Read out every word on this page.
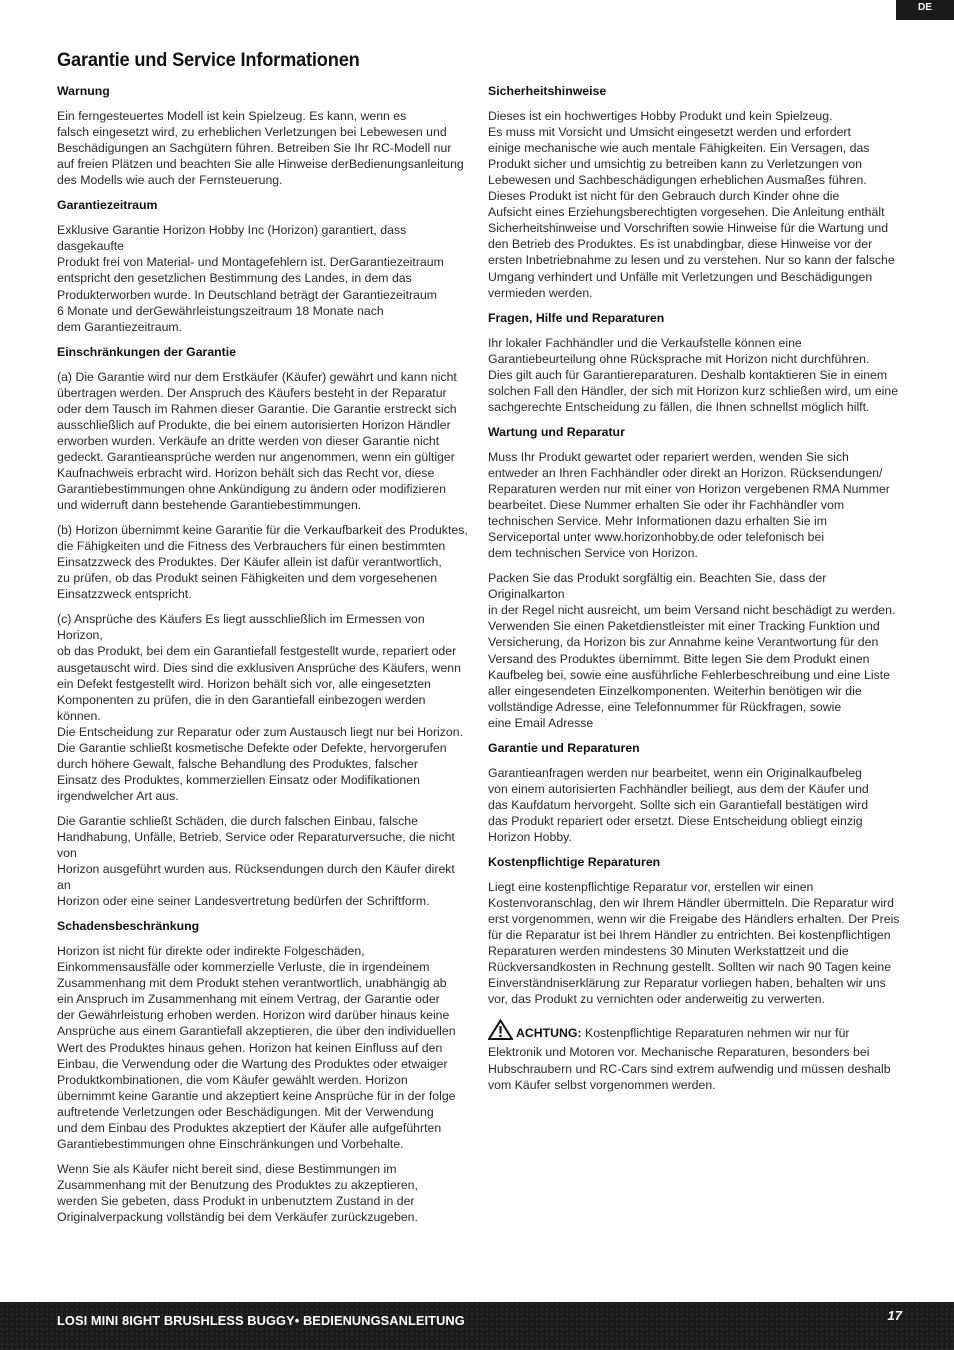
DE
Garantie und Service Informationen
Warnung
Ein ferngesteuertes Modell ist kein Spielzeug. Es kann, wenn es
falsch eingesetzt wird, zu erheblichen Verletzungen bei Lebewesen und
Beschädigungen an Sachgütern führen. Betreiben Sie Ihr RC-Modell nur
auf freien Plätzen und beachten Sie alle Hinweise derBedienungsanleitung
des Modells wie auch der Fernsteuerung.
Garantiezeitraum
Exklusive Garantie Horizon Hobby Inc (Horizon) garantiert, dass dasgekaufte
Produkt frei von Material- und Montagefehlern ist. DerGarantiezeitraum
entspricht den gesetzlichen Bestimmung des Landes, in dem das
Produkterworben wurde. In Deutschland beträgt der Garantiezeitraum
6 Monate und derGewährleistungszeitraum 18 Monate nach
dem Garantiezeitraum.
Einschränkungen der Garantie
(a) Die Garantie wird nur dem Erstkäufer (Käufer) gewährt und kann nicht
übertragen werden. Der Anspruch des Käufers besteht in der Reparatur
oder dem Tausch im Rahmen dieser Garantie. Die Garantie erstreckt sich
ausschließlich auf Produkte, die bei einem autorisierten Horizon Händler
erworben wurden. Verkäufe an dritte werden von dieser Garantie nicht
gedeckt. Garantieansprüche werden nur angenommen, wenn ein gültiger
Kaufnachweis erbracht wird. Horizon behält sich das Recht vor, diese
Garantiebestimmungen ohne Ankündigung zu ändern oder modifizieren
und widerruft dann bestehende Garantiebestimmungen.
(b) Horizon übernimmt keine Garantie für die Verkaufbarkeit des Produktes,
die Fähigkeiten und die Fitness des Verbrauchers für einen bestimmten
Einsatzzweck des Produktes. Der Käufer allein ist dafür verantwortlich,
zu prüfen, ob das Produkt seinen Fähigkeiten und dem vorgesehenen
Einsatzzweck entspricht.
(c) Ansprüche des Käufers Es liegt ausschließlich im Ermessen von Horizon,
ob das Produkt, bei dem ein Garantiefall festgestellt wurde, repariert oder
ausgetauscht wird. Dies sind die exklusiven Ansprüche des Käufers, wenn
ein Defekt festgestellt wird. Horizon behält sich vor, alle eingesetzten
Komponenten zu prüfen, die in den Garantiefall einbezogen werden können.
Die Entscheidung zur Reparatur oder zum Austausch liegt nur bei Horizon.
Die Garantie schließt kosmetische Defekte oder Defekte, hervorgerufen
durch höhere Gewalt, falsche Behandlung des Produktes, falscher
Einsatz des Produktes, kommerziellen Einsatz oder Modifikationen
irgendwelcher Art aus.
Die Garantie schließt Schäden, die durch falschen Einbau, falsche
Handhabung, Unfälle, Betrieb, Service oder Reparaturversuche, die nicht von
Horizon ausgeführt wurden aus. Rücksendungen durch den Käufer direkt an
Horizon oder eine seiner Landesvertretung bedürfen der Schriftform.
Schadensbeschränkung
Horizon ist nicht für direkte oder indirekte Folgeschäden,
Einkommensausfälle oder kommerzielle Verluste, die in irgendeinem
Zusammenhang mit dem Produkt stehen verantwortlich, unabhängig ab
ein Anspruch im Zusammenhang mit einem Vertrag, der Garantie oder
der Gewährleistung erhoben werden. Horizon wird darüber hinaus keine
Ansprüche aus einem Garantiefall akzeptieren, die über den individuellen
Wert des Produktes hinaus gehen. Horizon hat keinen Einfluss auf den
Einbau, die Verwendung oder die Wartung des Produktes oder etwaiger
Produktkombinationen, die vom Käufer gewählt werden. Horizon
übernimmt keine Garantie und akzeptiert keine Ansprüche für in der folge
auftretende Verletzungen oder Beschädigungen. Mit der Verwendung
und dem Einbau des Produktes akzeptiert der Käufer alle aufgeführten
Garantiebestimmungen ohne Einschränkungen und Vorbehalte.
Wenn Sie als Käufer nicht bereit sind, diese Bestimmungen im
Zusammenhang mit der Benutzung des Produktes zu akzeptieren,
werden Sie gebeten, dass Produkt in unbenutztem Zustand in der
Originalverpackung vollständig bei dem Verkäufer zurückzugeben.
Sicherheitshinweise
Dieses ist ein hochwertiges Hobby Produkt und kein Spielzeug.
Es muss mit Vorsicht und Umsicht eingesetzt werden und erfordert
einige mechanische wie auch mentale Fähigkeiten. Ein Versagen, das
Produkt sicher und umsichtig zu betreiben kann zu Verletzungen von
Lebewesen und Sachbeschädigungen erheblichen Ausmaßes führen.
Dieses Produkt ist nicht für den Gebrauch durch Kinder ohne die
Aufsicht eines Erziehungsberechtigten vorgesehen. Die Anleitung enthält
Sicherheitshinweise und Vorschriften sowie Hinweise für die Wartung und
den Betrieb des Produktes. Es ist unabdingbar, diese Hinweise vor der
ersten Inbetriebnahme zu lesen und zu verstehen. Nur so kann der falsche
Umgang verhindert und Unfälle mit Verletzungen und Beschädigungen
vermieden werden.
Fragen, Hilfe und Reparaturen
Ihr lokaler Fachhändler und die Verkaufstelle können eine
Garantiebeurteilung ohne Rücksprache mit Horizon nicht durchführen.
Dies gilt auch für Garantiereparaturen. Deshalb kontaktieren Sie in einem
solchen Fall den Händler, der sich mit Horizon kurz schließen wird, um eine
sachgerechte Entscheidung zu fällen, die Ihnen schnellst möglich hilft.
Wartung und Reparatur
Muss Ihr Produkt gewartet oder repariert werden, wenden Sie sich
entweder an Ihren Fachhändler oder direkt an Horizon. Rücksendungen/
Reparaturen werden nur mit einer von Horizon vergebenen RMA Nummer
bearbeitet. Diese Nummer erhalten Sie oder ihr Fachhändler vom
technischen Service. Mehr Informationen dazu erhalten Sie im
Serviceportal unter www.horizonhobby.de oder telefonisch bei
dem technischen Service von Horizon.
Packen Sie das Produkt sorgfältig ein. Beachten Sie, dass der Originalkarton
in der Regel nicht ausreicht, um beim Versand nicht beschädigt zu werden.
Verwenden Sie einen Paketdienstleister mit einer Tracking Funktion und
Versicherung, da Horizon bis zur Annahme keine Verantwortung für den
Versand des Produktes übernimmt. Bitte legen Sie dem Produkt einen
Kaufbeleg bei, sowie eine ausführliche Fehlerbeschreibung und eine Liste
aller eingesendeten Einzelkomponenten. Weiterhin benötigen wir die
vollständige Adresse, eine Telefonnummer für Rückfragen, sowie
eine Email Adresse
Garantie und Reparaturen
Garantieanfragen werden nur bearbeitet, wenn ein Originalkaufbeleg
von einem autorisierten Fachhändler beiliegt, aus dem der Käufer und
das Kaufdatum hervorgeht. Sollte sich ein Garantiefall bestätigen wird
das Produkt repariert oder ersetzt. Diese Entscheidung obliegt einzig
Horizon Hobby.
Kostenpflichtige Reparaturen
Liegt eine kostenpflichtige Reparatur vor, erstellen wir einen
Kostenvoranschlag, den wir Ihrem Händler übermitteln. Die Reparatur wird
erst vorgenommen, wenn wir die Freigabe des Händlers erhalten. Der Preis
für die Reparatur ist bei Ihrem Händler zu entrichten. Bei kostenpflichtigen
Reparaturen werden mindestens 30 Minuten Werkstattzeit und die
Rückversandkosten in Rechnung gestellt. Sollten wir nach 90 Tagen keine
Einverständniserklärung zur Reparatur vorliegen haben, behalten wir uns
vor, das Produkt zu vernichten oder anderweitig zu verwerten.
ACHTUNG: Kostenpflichtige Reparaturen nehmen wir nur für
Elektronik und Motoren vor. Mechanische Reparaturen, besonders bei
Hubschraubern und RC-Cars sind extrem aufwendig und müssen deshalb
vom Käufer selbst vorgenommen werden.
LOSI MINI 8IGHT BRUSHLESS BUGGY• BEDIENUNGSANLEITUNG	17
